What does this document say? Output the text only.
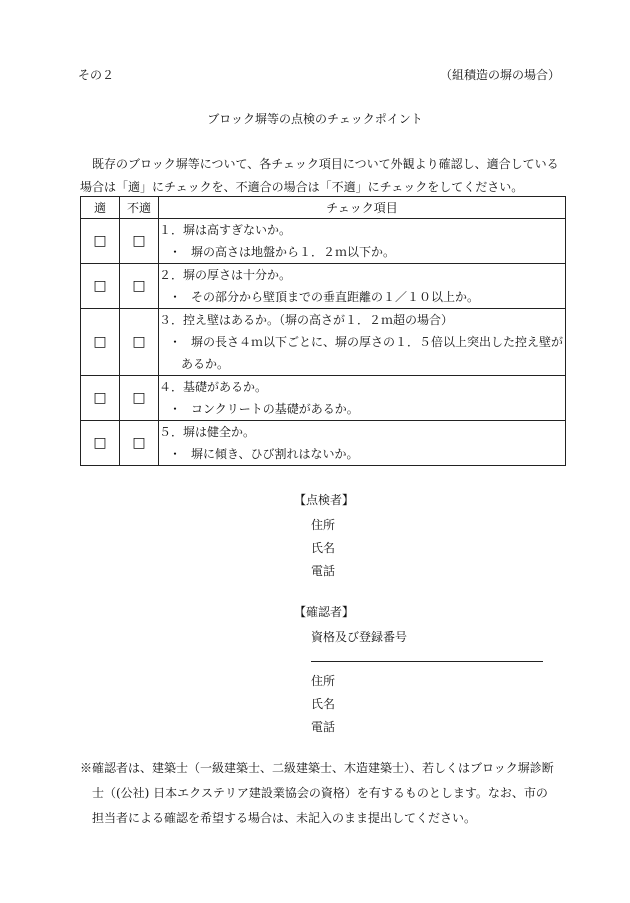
その２	（組積造の塀の場合）
ブロック塀等の点検のチェックポイント

既存のブロック塀等について、各チェック項目について外観より確認し、適合している

場合は「適」にチェックを、不適合の場合は「不適」にチェックをしてください。

適	不適	チェック項目
□	□	１．塀は高すぎないか。
・ 塀の高さは地盤から１．２ｍ以下か。

□	□	２．塀の厚さは十分か。
・ その部分から壁頂までの垂直距離の１／１０以上か。

□	□	３．控え壁はあるか。（塀の高さが１．２ｍ超の場合）
・ 塀の長さ４ｍ以下ごとに、塀の厚さの１．５倍以上突出した控え壁があるか。

□	□	４．基礎があるか。
・ コンクリートの基礎があるか。

□	□	５．塀は健全か。
・ 塀に傾き、ひび割れはないか。
【点検者】
住所
氏名
電話
【確認者】
資格及び登録番号
住所
氏名
電話

※確認者は、建築士（一級建築士、二級建築士、木造建築士）、若しくはブロック塀診断

士（(公社) 日本エクステリア建設業協会の資格）を有するものとします。なお、市の

担当者による確認を希望する場合は、未記入のまま提出してください。
